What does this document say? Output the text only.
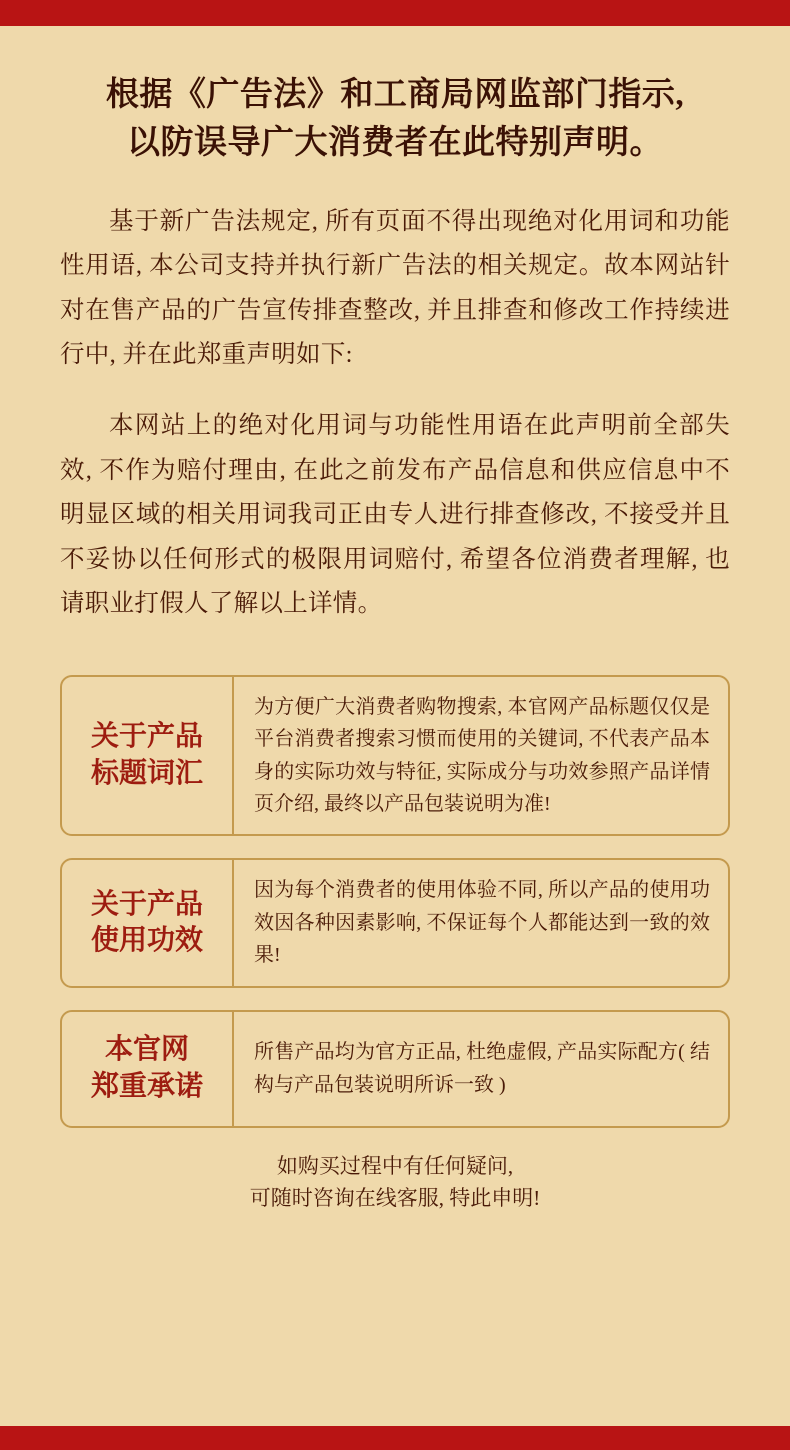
根据《广告法》和工商局网监部门指示,
以防误导广大消费者在此特别声明。

基于新广告法规定, 所有页面不得出现绝对化用词和功能性用语, 本公司支持并执行新广告法的相关规定。故本网站针对在售产品的广告宣传排查整改, 并且排查和修改工作持续进行中, 并在此郑重声明如下:

本网站上的绝对化用词与功能性用语在此声明前全部失效, 不作为赔付理由, 在此之前发布产品信息和供应信息中不明显区域的相关用词我司正由专人进行排查修改, 不接受并且不妥协以任何形式的极限用词赔付, 希望各位消费者理解, 也请职业打假人了解以上详情。

关于产品
标题词汇
为方便广大消费者购物搜索, 本官网产品标题仅仅是平台消费者搜索习惯而使用的关键词, 不代表产品本身的实际功效与特征, 实际成分与功效参照产品详情页介绍, 最终以产品包装说明为准!
关于产品
使用功效
因为每个消费者的使用体验不同, 所以产品的使用功效因各种因素影响, 不保证每个人都能达到一致的效果!
本官网
郑重承诺
所售产品均为官方正品, 杜绝虚假, 产品实际配方( 结构与产品包装说明所诉一致 )
如购买过程中有任何疑问,
可随时咨询在线客服, 特此申明!
